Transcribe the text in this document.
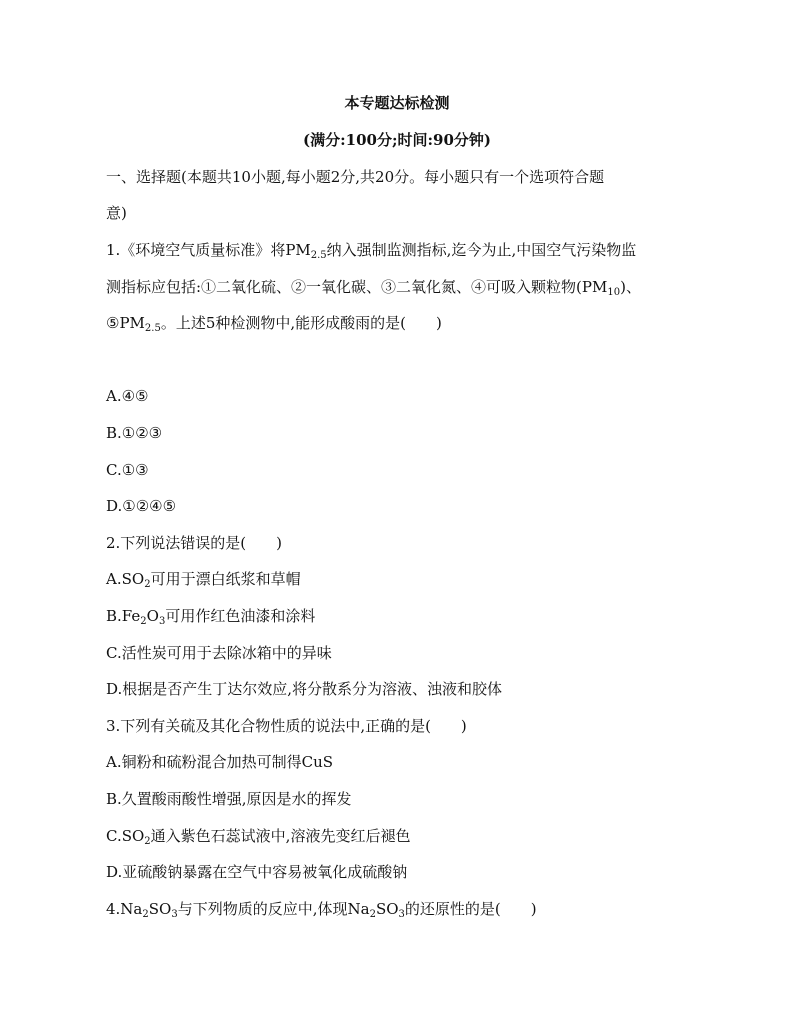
本专题达标检测
(满分:100分;时间:90分钟)
一、选择题(本题共10小题,每小题2分,共20分。每小题只有一个选项符合题
意)
1.《环境空气质量标准》将$PM_{2.5}$纳入强制监测指标,迄今为止,中国空气污染物监
测指标应包括:①二氧化硫、②一氧化碳、③二氧化氮、④可吸入颗粒物$(PM_{10})$、
$⑤PM_{2.5}$。上述5种检测物中,能形成酸雨的是(　　)
A.④⑤
B.①②③
C.①③
D.①②④⑤
2.下列说法错误的是(　　)
$A.SO_2$可用于漂白纸浆和草帽
$B.Fe_2O_3$可用作红色油漆和涂料
C.活性炭可用于去除冰箱中的异味
D.根据是否产生丁达尔效应,将分散系分为溶液、浊液和胶体
3.下列有关硫及其化合物性质的说法中,正确的是(　　)
A.铜粉和硫粉混合加热可制得CuS
B.久置酸雨酸性增强,原因是水的挥发
$C.SO_2$通入紫色石蕊试液中,溶液先变红后褪色
D.亚硫酸钠暴露在空气中容易被氧化成硫酸钠
$4.Na_2SO_3$与下列物质的反应中,体现$Na_2SO_3$的还原性的是(　　)
